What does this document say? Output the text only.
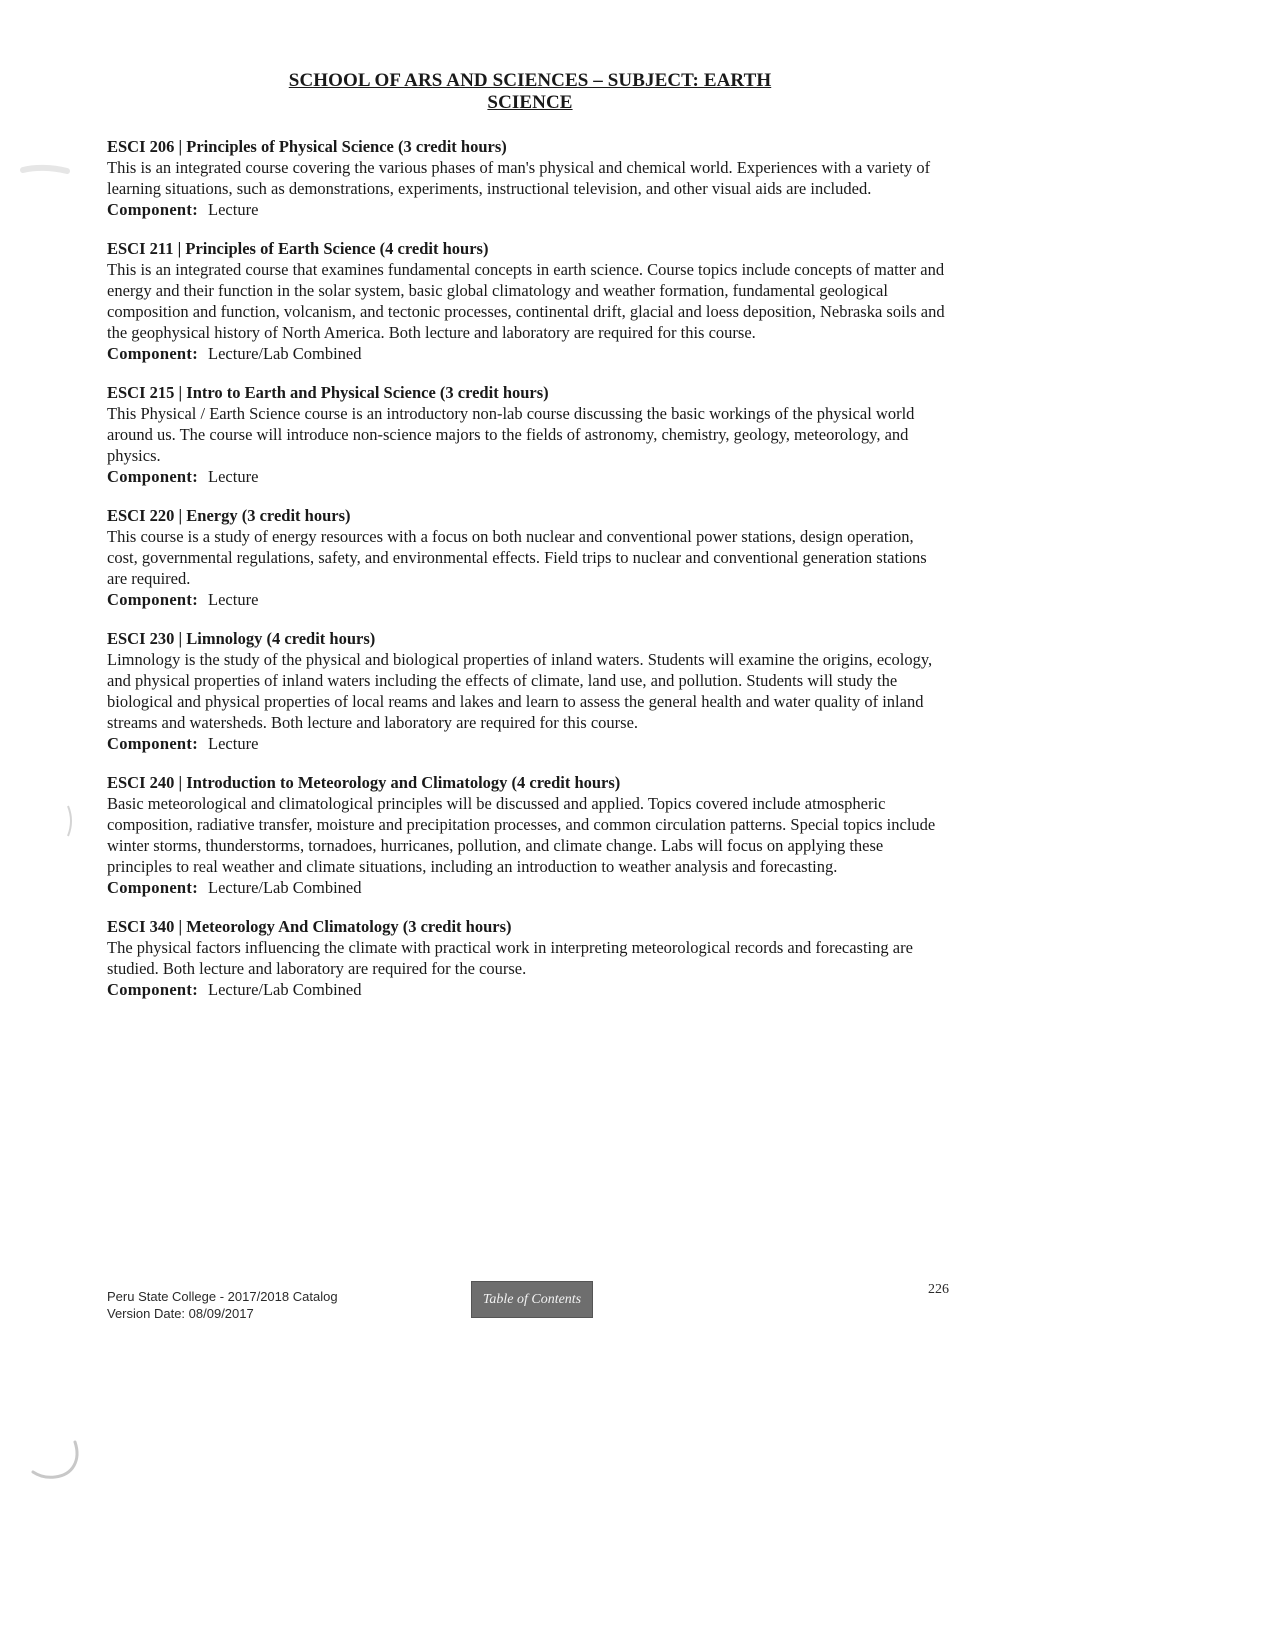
SCHOOL OF ARS AND SCIENCES – SUBJECT: EARTH SCIENCE
ESCI 206 | Principles of Physical Science (3 credit hours)
This is an integrated course covering the various phases of man's physical and chemical world. Experiences with a variety of learning situations, such as demonstrations, experiments, instructional television, and other visual aids are included.
Component: Lecture
ESCI 211 | Principles of Earth Science (4 credit hours)
This is an integrated course that examines fundamental concepts in earth science. Course topics include concepts of matter and energy and their function in the solar system, basic global climatology and weather formation, fundamental geological composition and function, volcanism, and tectonic processes, continental drift, glacial and loess deposition, Nebraska soils and the geophysical history of North America. Both lecture and laboratory are required for this course.
Component: Lecture/Lab Combined
ESCI 215 | Intro to Earth and Physical Science (3 credit hours)
This Physical / Earth Science course is an introductory non-lab course discussing the basic workings of the physical world around us. The course will introduce non-science majors to the fields of astronomy, chemistry, geology, meteorology, and physics.
Component: Lecture
ESCI 220 | Energy (3 credit hours)
This course is a study of energy resources with a focus on both nuclear and conventional power stations, design operation, cost, governmental regulations, safety, and environmental effects. Field trips to nuclear and conventional generation stations are required.
Component: Lecture
ESCI 230 | Limnology (4 credit hours)
Limnology is the study of the physical and biological properties of inland waters. Students will examine the origins, ecology, and physical properties of inland waters including the effects of climate, land use, and pollution. Students will study the biological and physical properties of local reams and lakes and learn to assess the general health and water quality of inland streams and watersheds. Both lecture and laboratory are required for this course.
Component: Lecture
ESCI 240 | Introduction to Meteorology and Climatology (4 credit hours)
Basic meteorological and climatological principles will be discussed and applied. Topics covered include atmospheric composition, radiative transfer, moisture and precipitation processes, and common circulation patterns. Special topics include winter storms, thunderstorms, tornadoes, hurricanes, pollution, and climate change. Labs will focus on applying these principles to real weather and climate situations, including an introduction to weather analysis and forecasting.
Component: Lecture/Lab Combined
ESCI 340 | Meteorology And Climatology (3 credit hours)
The physical factors influencing the climate with practical work in interpreting meteorological records and forecasting are studied. Both lecture and laboratory are required for the course.
Component: Lecture/Lab Combined
Peru State College - 2017/2018 Catalog
Version Date: 08/09/2017
Table of Contents
226
